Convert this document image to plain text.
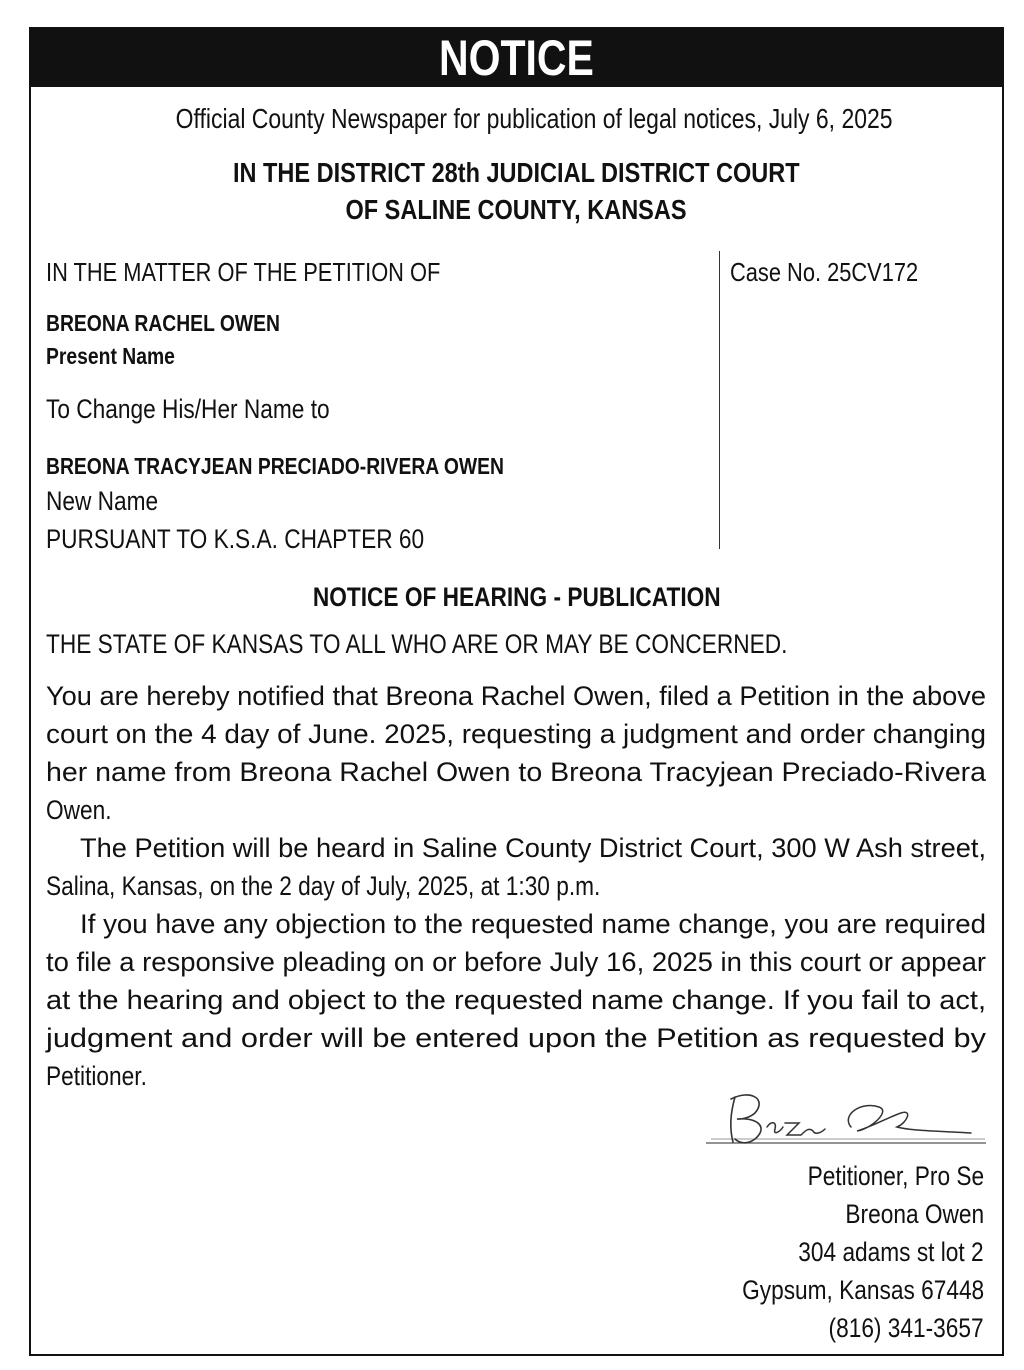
NOTICE
Official County Newspaper for publication of legal notices, July 6, 2025
IN THE DISTRICT 28th JUDICIAL DISTRICT COURT
OF SALINE COUNTY, KANSAS
IN THE MATTER OF THE PETITION OF	Case No. 25CV172
BREONA RACHEL OWEN
Present Name
To Change His/Her Name to
BREONA TRACYJEAN PRECIADO-RIVERA OWEN
New Name
PURSUANT TO K.S.A. CHAPTER 60
NOTICE OF HEARING - PUBLICATION
THE STATE OF KANSAS TO ALL WHO ARE OR MAY BE CONCERNED.
You are hereby notified that Breona Rachel Owen, filed a Petition in the above
court on the 4 day of June. 2025, requesting a judgment and order changing
her name from Breona Rachel Owen to Breona Tracyjean Preciado-Rivera
Owen.
The Petition will be heard in Saline County District Court, 300 W Ash street,
Salina, Kansas, on the 2 day of July, 2025, at 1:30 p.m.
If you have any objection to the requested name change, you are required
to file a responsive pleading on or before July 16, 2025 in this court or appear
at the hearing and object to the requested name change. If you fail to act,
judgment and order will be entered upon the Petition as requested by
Petitioner.
Petitioner, Pro Se
Breona Owen
304 adams st lot 2
Gypsum, Kansas 67448
(816) 341-3657
